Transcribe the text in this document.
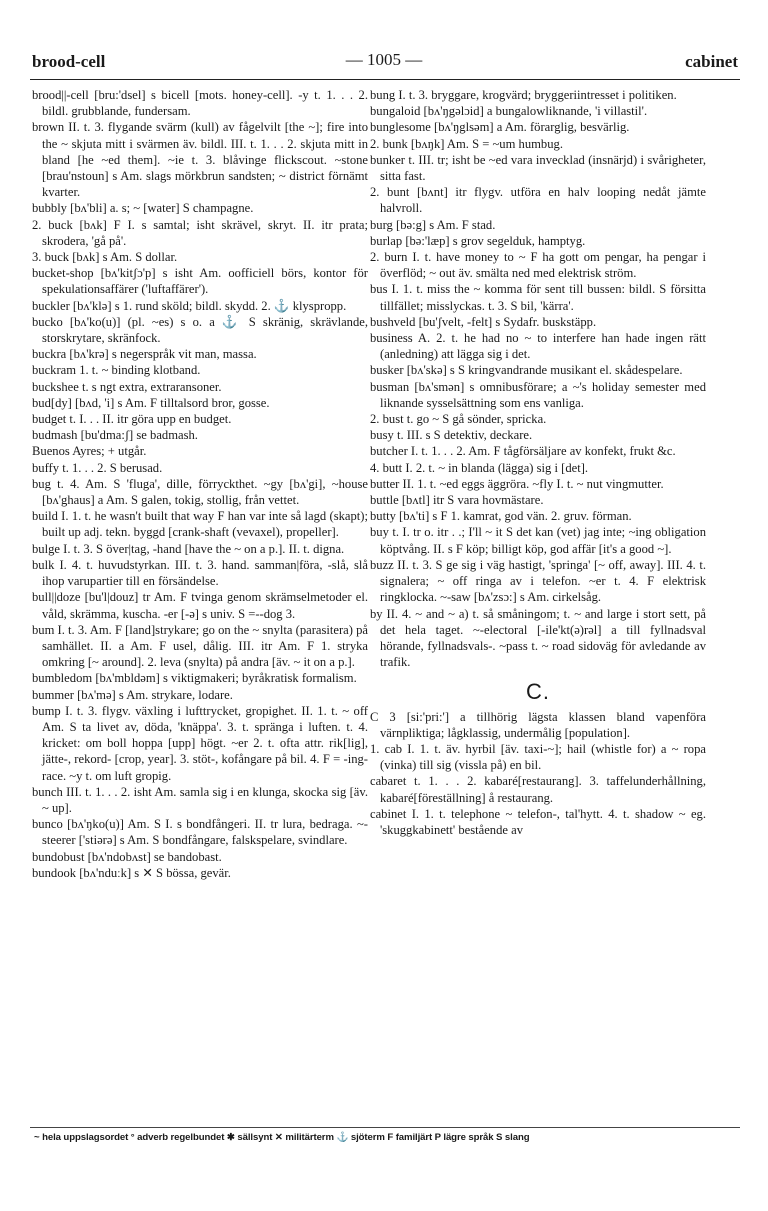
brood-cell	— 1005 —	cabinet

brood||-cell [bru:'dsel] s bicell [mots. honey-cell]. -y t. 1. . . 2. bildl. grubblande, fundersam.

brown II. t. 3. flygande svärm (kull) av fågelvilt [the ~]; fire into the ~ skjuta mitt i svärmen äv. bildl. III. t. 1. . . 2. skjuta mitt in bland [he ~ed them]. ~ie t. 3. blåvinge flickscout. ~stone [brau'nstoun] s Am. slags mörkbrun sandsten; ~ district förnämt kvarter.

bubbly [bʌ'bli] a. s; ~ [water] S champagne.

2. buck [bʌk] F I. s samtal; isht skrävel, skryt. II. itr prata; skrodera, 'gå på'.

3. buck [bʌk] s Am. S dollar.

bucket-shop [bʌ'kitʃɔ'p] s isht Am. oofficiell börs, kontor för spekulationsaffärer ('luftaffärer').

buckler [bʌ'klə] s 1. rund sköld; bildl. skydd. 2. ⚓ klyspropp.

bucko [bʌ'ko(u)] (pl. ~es) s o. a ⚓ S skränig, skrävlande, storskrytare, skränfock.

buckra [bʌ'krə] s negerspråk vit man, massa.

buckram 1. t. ~ binding klotband.

buckshee t. s ngt extra, extraransoner.

bud[dy] [bʌd, 'i] s Am. F tilltalsord bror, gosse.

budget t. I. . . II. itr göra upp en budget.

budmash [bu'dma:ʃ] se badmash.

Buenos Ayres; + utgår.

buffy t. 1. . . 2. S berusad.

bug t. 4. Am. S 'fluga', dille, förryckthet. ~gy [bʌ'gi], ~house [bʌ'ghaus] a Am. S galen, tokig, stollig, från vettet.

build I. 1. t. he wasn't built that way F han var inte så lagd (skapt); built up adj. tekn. byggd [crank-shaft (vevaxel), propeller].

bulge I. t. 3. S över|tag, -hand [have the ~ on a p.]. II. t. digna.

bulk I. 4. t. huvudstyrkan. III. t. 3. hand. samman|föra, -slå, slå ihop varupartier till en försändelse.

bull||doze [bu'l|douz] tr Am. F tvinga genom skrämselmetoder el. våld, skrämma, kuscha. -er [-ə] s univ. S =--dog 3.

bum I. t. 3. Am. F [land]strykare; go on the ~ snylta (parasitera) på samhället. II. a Am. F usel, dålig. III. itr Am. F 1. stryka omkring [~ around]. 2. leva (snylta) på andra [äv. ~ it on a p.].

bumbledom [bʌ'mbldəm] s viktigmakeri; byråkratisk formalism.

bummer [bʌ'mə] s Am. strykare, lodare.

bump I. t. 3. flygv. växling i lufttrycket, gropighet. II. 1. t. ~ off Am. S ta livet av, döda, 'knäppa'. 3. t. spränga i luften. t. 4. kricket: om boll hoppa [upp] högt. ~er 2. t. ofta attr. rik[lig], jätte-, rekord- [crop, year]. 3. stöt-, kofångare på bil. 4. F = -ing-race. ~y t. om luft gropig.

bunch III. t. 1. . . 2. isht Am. samla sig i en klunga, skocka sig [äv. ~ up].

bunco [bʌ'ŋko(u)] Am. S I. s bondfångeri. II. tr lura, bedraga. ~-steerer ['stiərə] s Am. S bondfångare, falskspelare, svindlare.

bundobust [bʌ'ndobʌst] se bandobast.

bundook [bʌ'nduːk] s ✕ S bössa, gevär.

bung I. t. 3. bryggare, krogvärd; bryggeriintresset i politiken.

bungaloid [bʌ'ŋgəlɔid] a bungalowliknande, 'i villastil'.

bunglesome [bʌ'ŋglsəm] a Am. förarglig, besvärlig.

2. bunk [bʌŋk] Am. S = ~um humbug.

bunker t. III. tr; isht be ~ed vara invecklad (insnärjd) i svårigheter, sitta fast.

2. bunt [bʌnt] itr flygv. utföra en halv looping nedåt jämte halvroll.

burg [bə:g] s Am. F stad.

burlap [bə:'læp] s grov segelduk, hamptyg.

2. burn I. t. have money to ~ F ha gott om pengar, ha pengar i överflöd; ~ out äv. smälta ned med elektrisk ström.

bus I. 1. t. miss the ~ komma för sent till bussen: bildl. S försitta tillfället; misslyckas. t. 3. S bil, 'kärra'.

bushveld [bu'ʃvelt, -felt] s Sydafr. buskstäpp.

business A. 2. t. he had no ~ to interfere han hade ingen rätt (anledning) att lägga sig i det.

busker [bʌ'skə] s S kringvandrande musikant el. skådespelare.

busman [bʌ'smən] s omnibusförare; a ~'s holiday semester med liknande sysselsättning som ens vanliga.

2. bust t. go ~ S gå sönder, spricka.

busy t. III. s S detektiv, deckare.

butcher I. t. 1. . . 2. Am. F tågförsäljare av konfekt, frukt &c.

4. butt I. 2. t. ~ in blanda (lägga) sig i [det].

butter II. 1. t. ~ed eggs äggröra. ~fly I. t. ~ nut vingmutter.

buttle [bʌtl] itr S vara hovmästare.

butty [bʌ'ti] s F 1. kamrat, god vän. 2. gruv. förman.

buy t. I. tr o. itr . .; I'll ~ it S det kan (vet) jag inte; ~ing obligation köptvång. II. s F köp; billigt köp, god affär [it's a good ~].

buzz II. t. 3. S ge sig i väg hastigt, 'springa' [~ off, away]. III. 4. t. signalera; ~ off ringa av i telefon. ~er t. 4. F elektrisk ringklocka. ~-saw [bʌ'zsɔ:] s Am. cirkelsåg.

by II. 4. ~ and ~ a) t. så småningom; t. ~ and large i stort sett, på det hela taget. ~-electoral [-ile'kt(ə)rəl] a till fyllnadsval hörande, fyllnadsvals-. ~pass t. ~ road sidoväg för avledande av trafik.

C.

C 3 [si:'pri:'] a tillhörig lägsta klassen bland vapenföra värnpliktiga; lågklassig, undermålig [population].

1. cab I. 1. t. äv. hyrbil [äv. taxi-~]; hail (whistle for) a ~ ropa (vinka) till sig (vissla på) en bil.

cabaret t. 1. . . 2. kabaré[restaurang]. 3. taffelunderhållning, kabaré[föreställning] å restaurang.

cabinet I. 1. t. telephone ~ telefon-, tal'hytt. 4. t. shadow ~ eg. 'skuggkabinett' bestående av

~ hela uppslagsordet ° adverb regelbundet ✱ sällsynt ✕ militärterm ⚓ sjöterm F familjärt P lägre språk S slang
